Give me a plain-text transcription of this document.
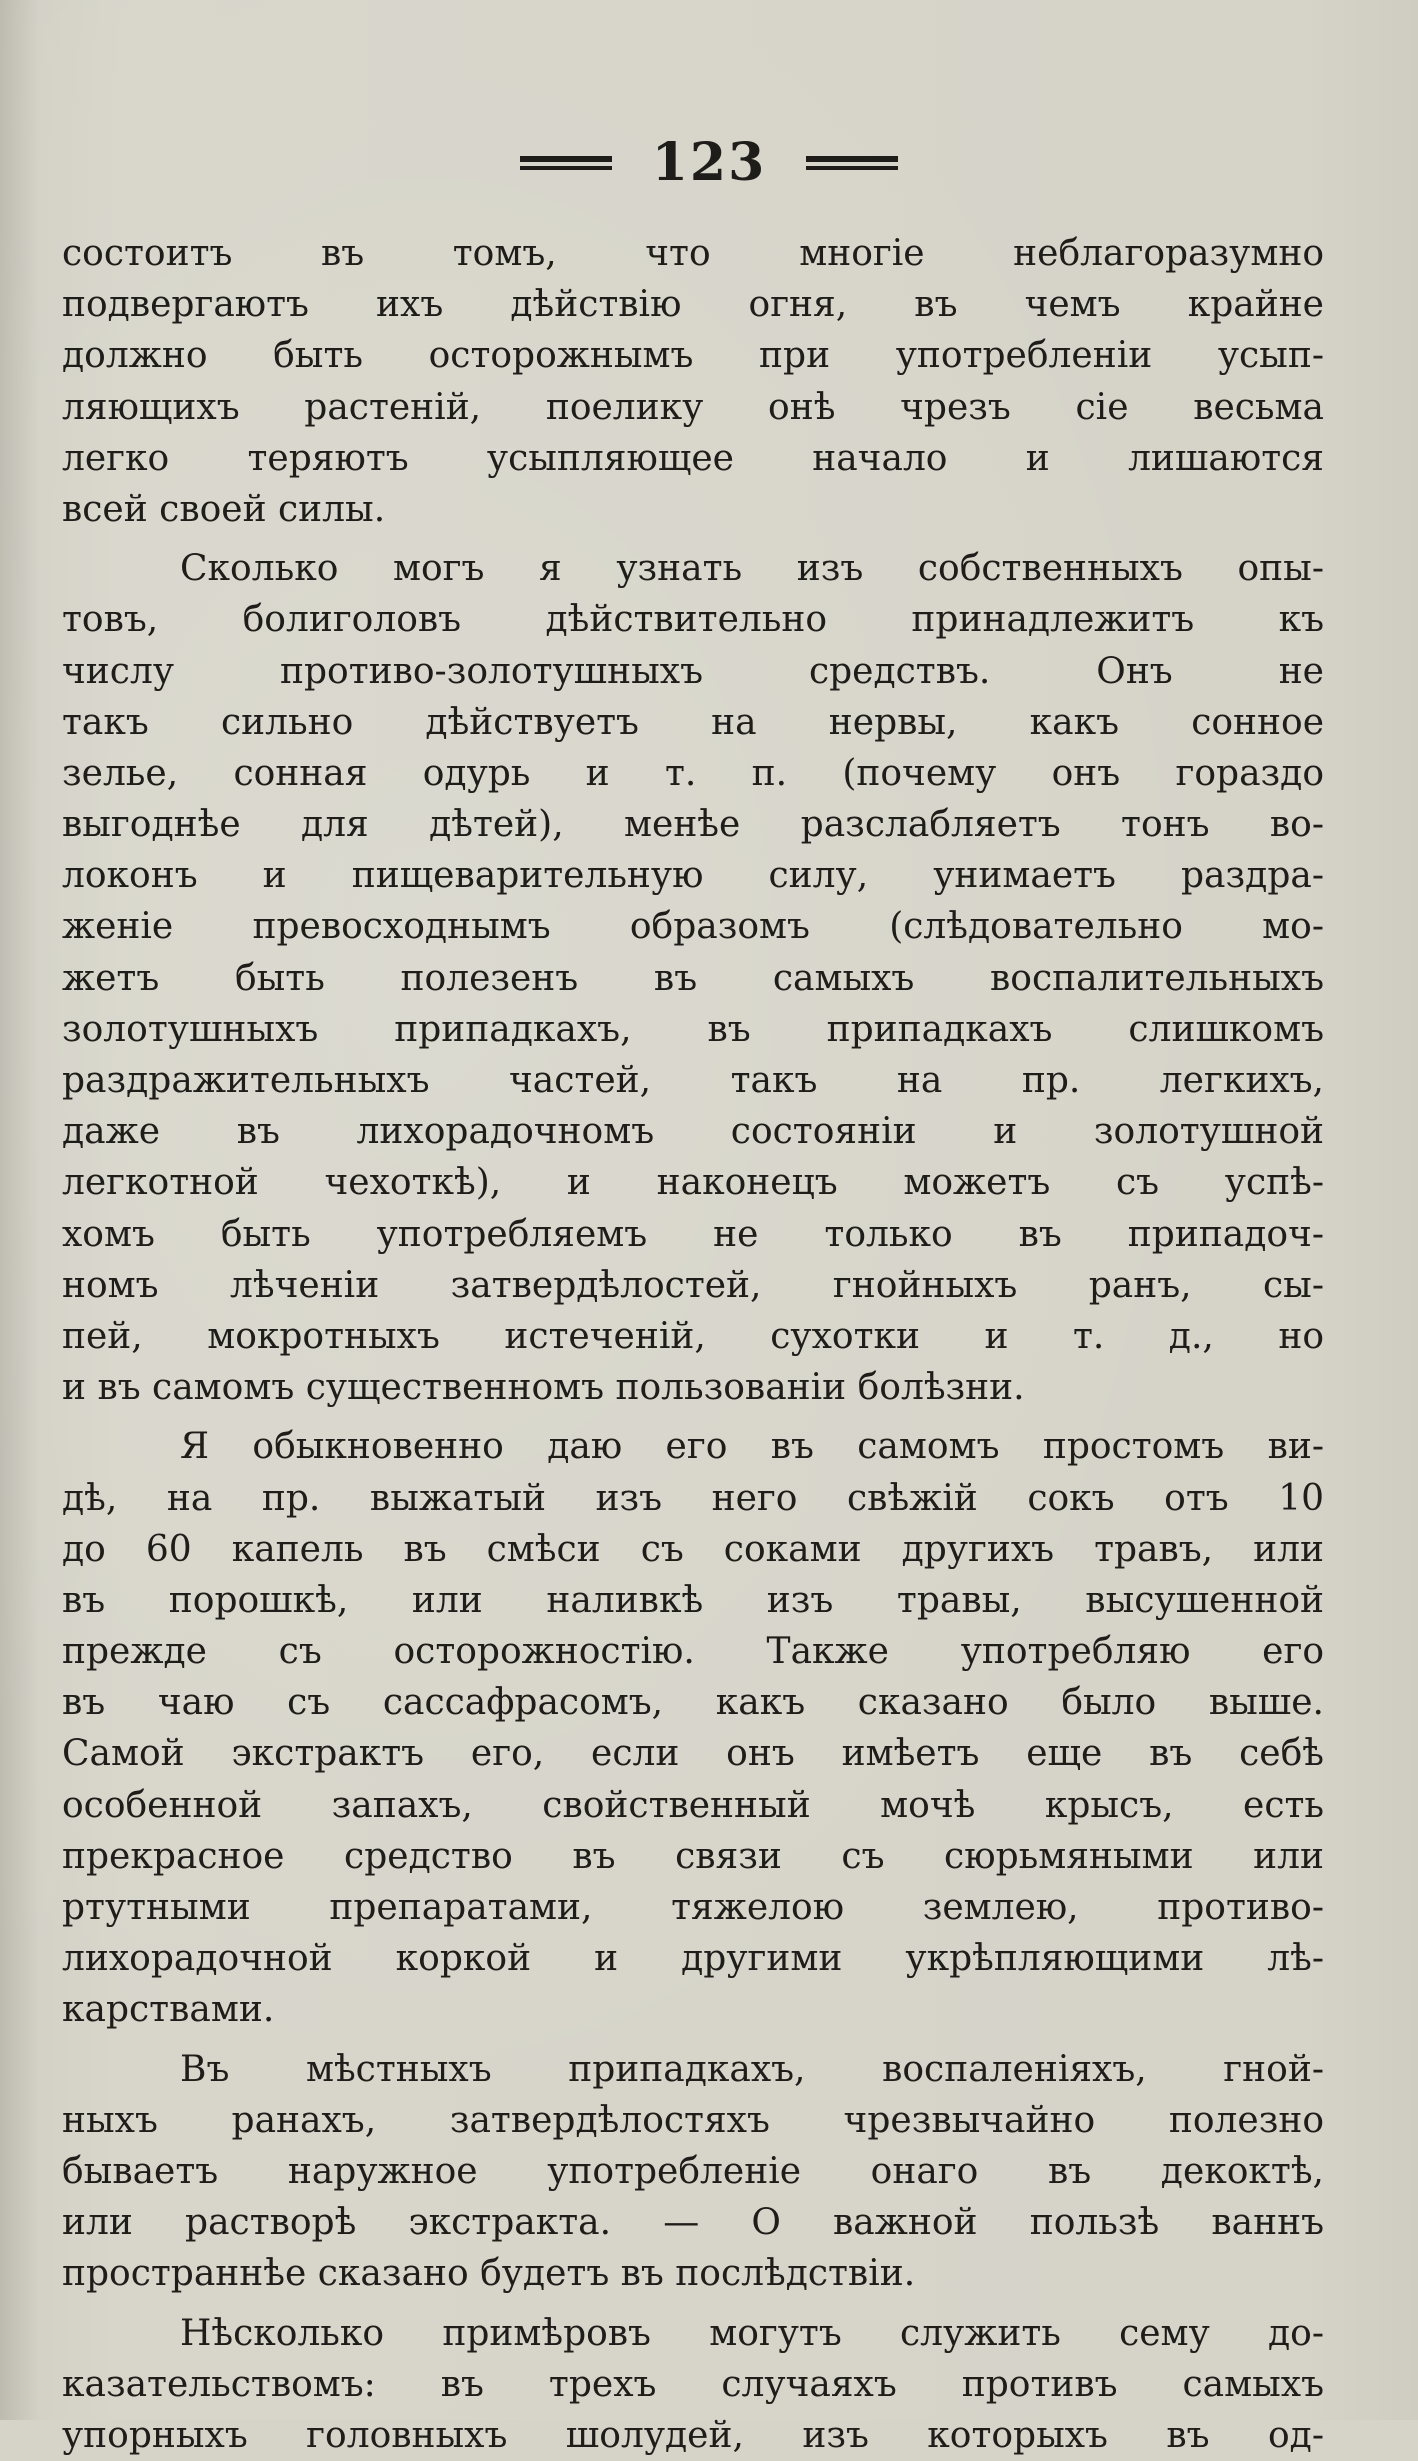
123
состоитъ въ томъ, что многіе неблагоразумно
подвергаютъ ихъ дѣйствію огня, въ чемъ крайне
должно быть осторожнымъ при употребленіи усып-
ляющихъ растеній, поелику онѣ чрезъ сіе весьма
легко теряютъ усыпляющее начало и лишаются
всей своей силы.
Сколько могъ я узнать изъ собственныхъ опы-
товъ, болиголовъ дѣйствительно принадлежитъ къ
числу противо-золотушныхъ средствъ. Онъ не
такъ сильно дѣйствуетъ на нервы, какъ сонное
зелье, сонная одурь и т. п. (почему онъ гораздо
выгоднѣе для дѣтей), менѣе разслабляетъ тонъ во-
локонъ и пищеварительную силу, унимаетъ раздра-
женіе превосходнымъ образомъ (слѣдовательно мо-
жетъ быть полезенъ въ самыхъ воспалительныхъ
золотушныхъ припадкахъ, въ припадкахъ слишкомъ
раздражительныхъ частей, такъ на пр. легкихъ,
даже въ лихорадочномъ состояніи и золотушной
легкотной чехоткѣ), и наконецъ можетъ съ успѣ-
хомъ быть употребляемъ не только въ припадоч-
номъ лѣченіи затвердѣлостей, гнойныхъ ранъ, сы-
пей, мокротныхъ истеченій, сухотки и т. д., но
и въ самомъ существенномъ пользованіи болѣзни.
Я обыкновенно даю его въ самомъ простомъ ви-
дѣ, на пр. выжатый изъ него свѣжій сокъ отъ 10
до 60 капель въ смѣси съ соками другихъ травъ, или
въ порошкѣ, или наливкѣ изъ травы, высушенной
прежде съ осторожностію. Также употребляю его
въ чаю съ сассафрасомъ, какъ сказано было выше.
Самой экстрактъ его, если онъ имѣетъ еще въ себѣ
особенной запахъ, свойственный мочѣ крысъ, есть
прекрасное средство въ связи съ сюрьмяными или
ртутными препаратами, тяжелою землею, противо-
лихорадочной коркой и другими укрѣпляющими лѣ-
карствами.
Въ мѣстныхъ припадкахъ, воспаленіяхъ, гной-
ныхъ ранахъ, затвердѣлостяхъ чрезвычайно полезно
бываетъ наружное употребленіе онаго въ декоктѣ,
или растворѣ экстракта. — О важной пользѣ ваннъ
пространнѣе сказано будетъ въ послѣдствіи.
Нѣсколько примѣровъ могутъ служить сему до-
казательствомъ: въ трехъ случаяхъ противъ самыхъ
упорныхъ головныхъ шолудей, изъ которыхъ въ од-
